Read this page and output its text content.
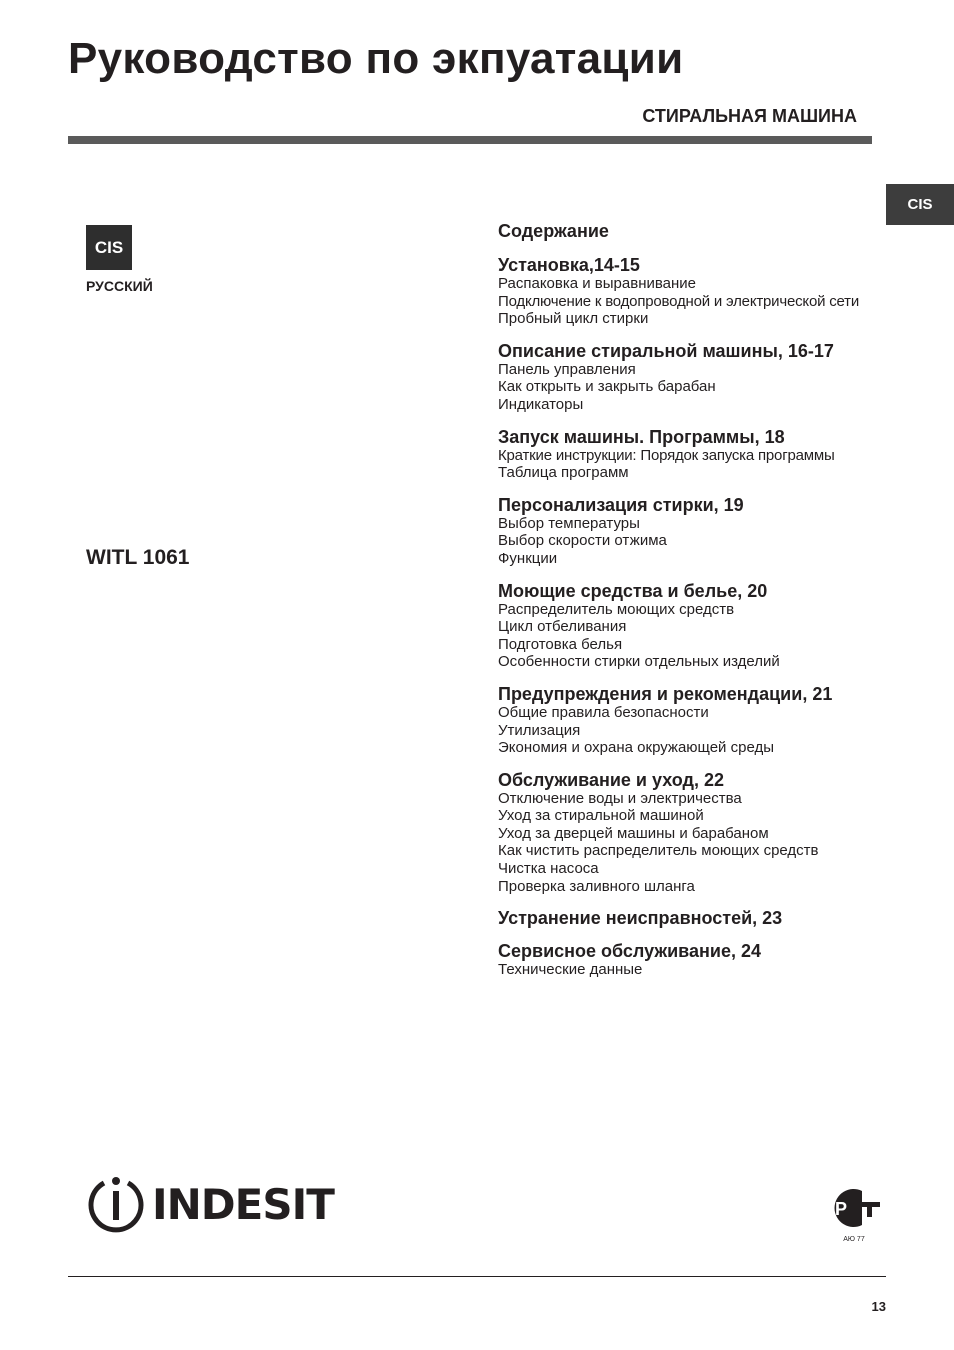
Руководство по экпуатации
СТИРАЛЬНАЯ МАШИНА
CIS
CIS
РУССКИЙ
WITL 1061
Содержание
Установка,14-15
Распаковка и выравнивание
Подключение к водопроводной и электрической сети
Пробный цикл стирки
Описание стиральной машины, 16-17
Панель управления
Как открыть и закрыть барабан
Индикаторы
Запуск машины. Программы, 18
Краткие инструкции: Порядок запуска программы
Таблица программ
Персонализация стирки, 19
Выбор температуры
Выбор скорости отжима
Функции
Моющие средства и белье, 20
Распределитель моющих средств
Цикл отбеливания
Подготовка белья
Особенности стирки отдельных изделий
Предупреждения и рекомендации, 21
Общие правила безопасности
Утилизация
Экономия и охрана окружающей среды
Обслуживание и уход, 22
Отключение воды и электричества
Уход за стиральной машиной
Уход за дверцей машины и барабаном
Как чистить распределитель моющих средств
Чистка насоса
Проверка заливного шланга
Устранение неисправностей, 23
Сервисное обслуживание, 24
Технические данные
INDESIT	Р
АЮ 77
13
